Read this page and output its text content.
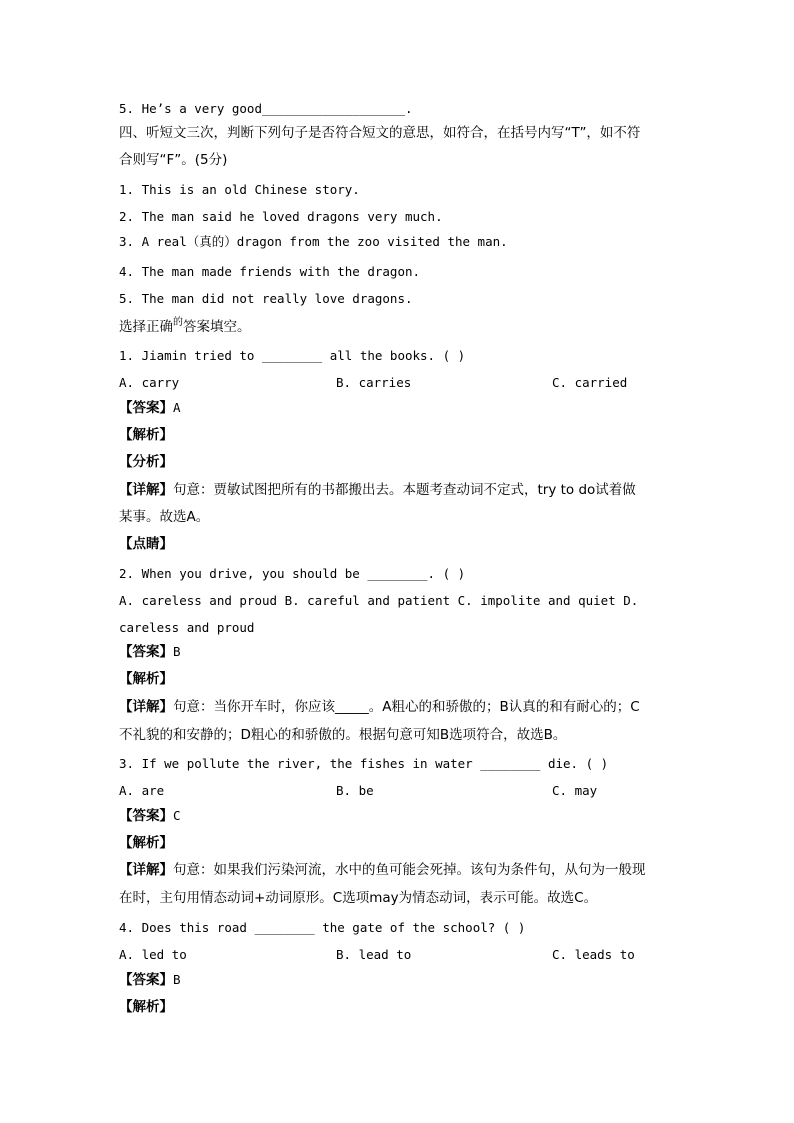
5. He’s a very good___________________.
四、听短文三次，判断下列句子是否符合短文的意思，如符合，在括号内写“T”，如不符
合则写“F”。(5分)
1. This is an old Chinese story.
2. The man said he loved dragons very much.
3. A real（真的）dragon from the zoo visited the man.
4. The man made friends with the dragon.
5. The man did not really love dragons.
选择正确$^的$答案填空。
1. Jiamin tried to ________ all the books. ( )
A. carry	B. carries	C. carried
【答案】A
【解析】
【分析】
【详解】句意：贾敏试图把所有的书都搬出去。本题考查动词不定式，try to do试着做
某事。故选A。
【点睛】
2. When you drive, you should be ________. ( )
A. careless and proud B. careful and patient C. impolite and quiet D.
careless and proud
【答案】B
【解析】
【详解】句意：当你开车时，你应该_____。A粗心的和骄傲的；B认真的和有耐心的；C
不礼貌的和安静的；D粗心的和骄傲的。根据句意可知B选项符合，故选B。
3. If we pollute the river, the fishes in water ________ die. ( )
A. are	B. be	C. may
【答案】C
【解析】
【详解】句意：如果我们污染河流，水中的鱼可能会死掉。该句为条件句，从句为一般现
在时，主句用情态动词+动词原形。C选项may为情态动词，表示可能。故选C。
4. Does this road ________ the gate of the school? ( )
A. led to	B. lead to	C. leads to
【答案】B
【解析】
